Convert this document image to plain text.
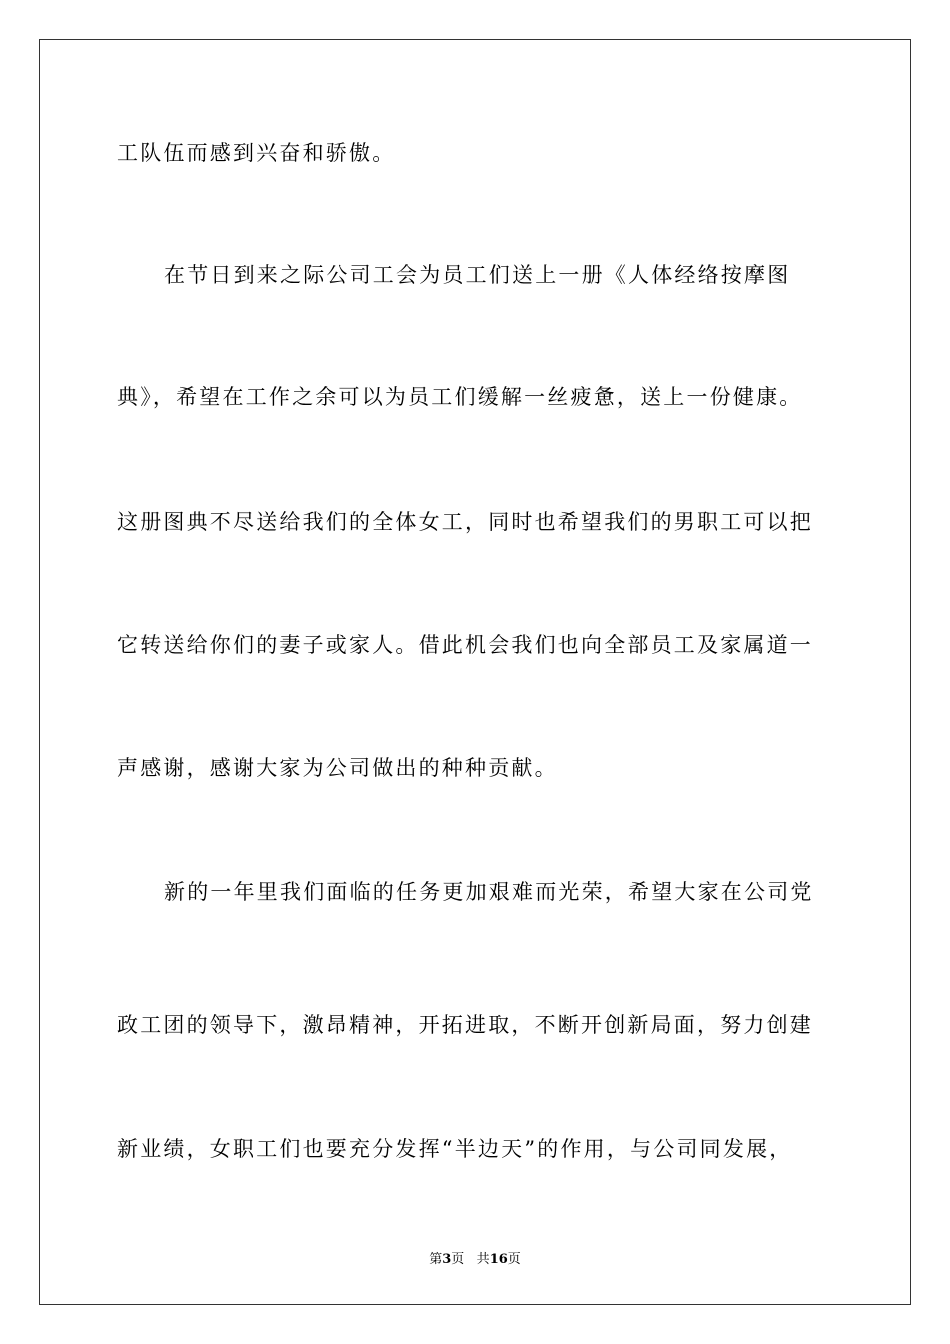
工队伍而感到兴奋和骄傲。
在节日到来之际公司工会为员工们送上一册《人体经络按摩图
典》，希望在工作之余可以为员工们缓解一丝疲惫，送上一份健康。
这册图典不尽送给我们的全体女工，同时也希望我们的男职工可以把
它转送给你们的妻子或家人。借此机会我们也向全部员工及家属道一
声感谢，感谢大家为公司做出的种种贡献。
新的一年里我们面临的任务更加艰难而光荣，希望大家在公司党
政工团的领导下，激昂精神，开拓进取，不断开创新局面，努力创建
新业绩，女职工们也要充分发挥“半边天”的作用，与公司同发展，
第3页 共16页
